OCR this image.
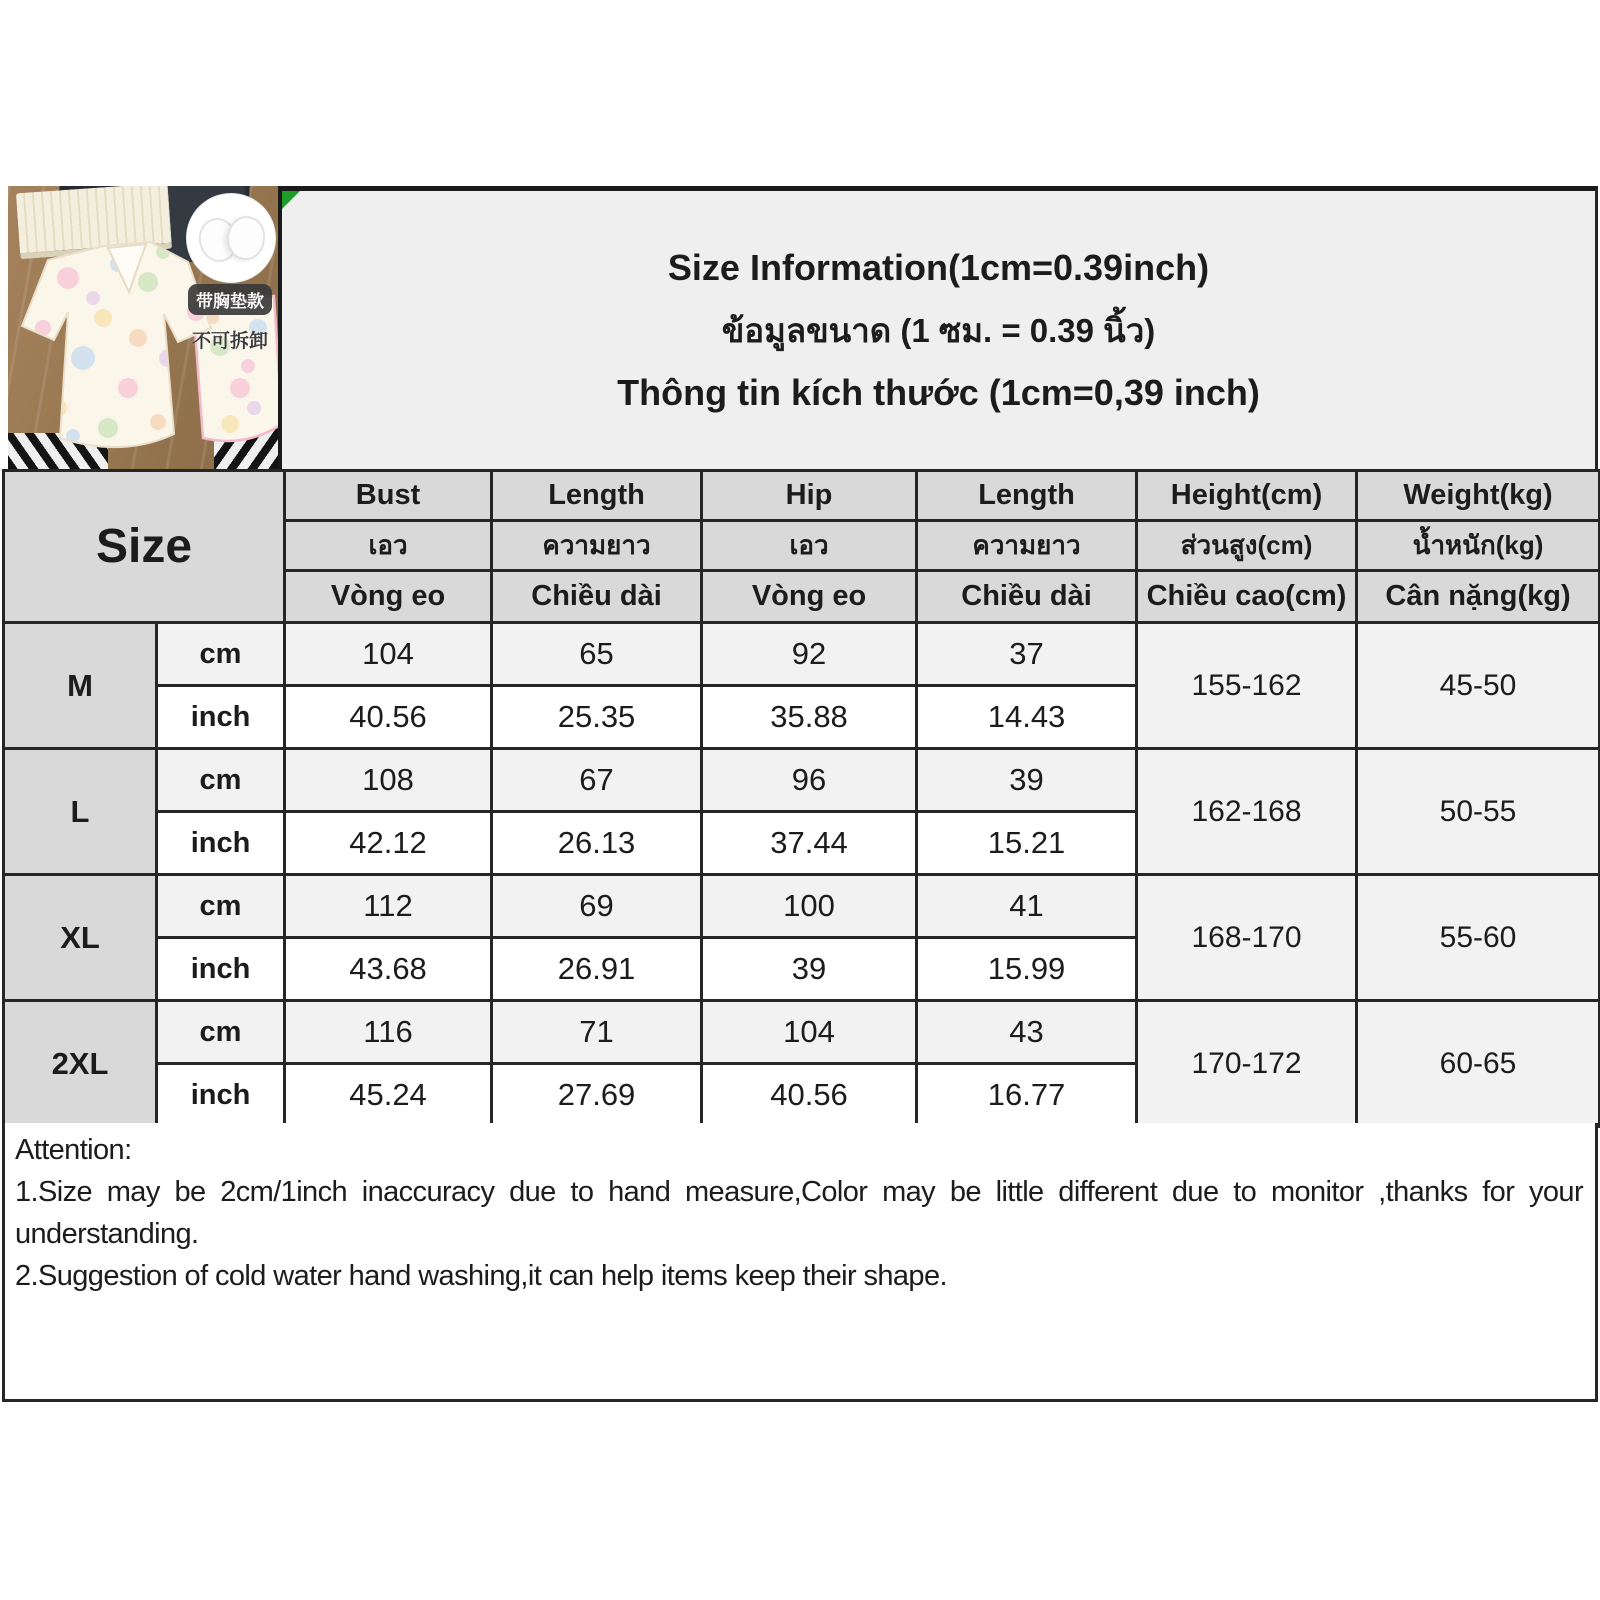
带胸垫款
不可拆卸
Size Information(1cm=0.39inch)
ข้อมูลขนาด (1 ซม. = 0.39 นิ้ว)
Thông tin kích thước (1cm=0,39 inch)
Size		Bust	Length	Hip	Length	Height(cm)	Weight(kg)
		เอว	ความยาว	เอว	ความยาว	ส่วนสูง(cm)	น้ำหนัก(kg)
		Vòng eo	Chiều dài	Vòng eo	Chiều dài	Chiều cao(cm)	Cân nặng(kg)
M	cm	104	65	92	37	155-162	45-50
	inch	40.56	25.35	35.88	14.43		
L	cm	108	67	96	39	162-168	50-55
	inch	42.12	26.13	37.44	15.21		
XL	cm	112	69	100	41	168-170	55-60
	inch	43.68	26.91	39	15.99		
2XL	cm	116	71	104	43	170-172	60-65
	inch	45.24	27.69	40.56	16.77		
Attention:
1.Size may be 2cm/1inch inaccuracy due to hand measure,Color may be little different due to monitor ,thanks for your understanding.
2.Suggestion of cold water hand washing,it can help items keep their shape.
